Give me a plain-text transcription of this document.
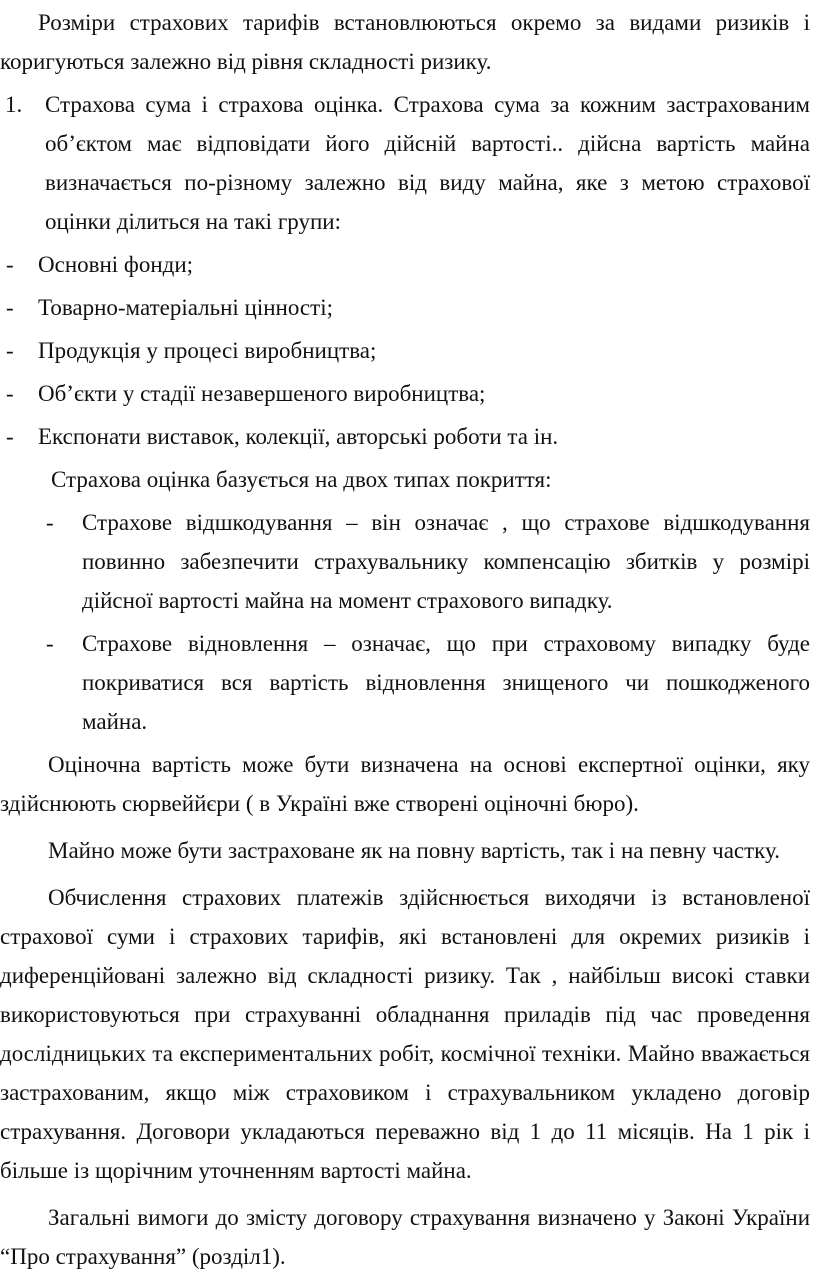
Розміри страхових тарифів встановлюються окремо за видами ризиків і коригуються залежно від рівня складності ризику.

1. Страхова сума і страхова оцінка. Страхова сума за кожним застрахованим об’єктом має відповідати його дійсній вартості.. дійсна вартість майна визначається по-різному залежно від виду майна, яке з метою страхової оцінки ділиться на такі групи:

- Основні фонди;

- Товарно-матеріальні цінності;

- Продукція у процесі виробництва;

- Об’єкти у стадії незавершеного виробництва;

- Експонати виставок, колекції, авторські роботи та ін.

Страхова оцінка базується на двох типах покриття:

- Страхове відшкодування – він означає , що страхове відшкодування повинно забезпечити страхувальнику компенсацію збитків у розмірі дійсної вартості майна на момент страхового випадку.

- Страхове відновлення – означає, що при страховому випадку буде покриватися вся вартість відновлення знищеного чи пошкодженого майна.

Оціночна вартість може бути визначена на основі експертної оцінки, яку здійснюють сюрвеййєри ( в Україні вже створені оціночні бюро).

Майно може бути застраховане як на повну вартість, так і на певну частку.

Обчислення страхових платежів здійснюється виходячи із встановленої страхової суми і страхових тарифів, які встановлені для окремих ризиків і диференційовані залежно від складності ризику. Так , найбільш високі ставки використовуються при страхуванні обладнання приладів під час проведення дослідницьких та експериментальних робіт, космічної техніки. Майно вважається застрахованим, якщо між страховиком і страхувальником укладено договір страхування. Договори укладаються переважно від 1 до 11 місяців. На 1 рік і більше із щорічним уточненням вартості майна.

Загальні вимоги до змісту договору страхування визначено у Законі України “Про страхування” (розділ1).
